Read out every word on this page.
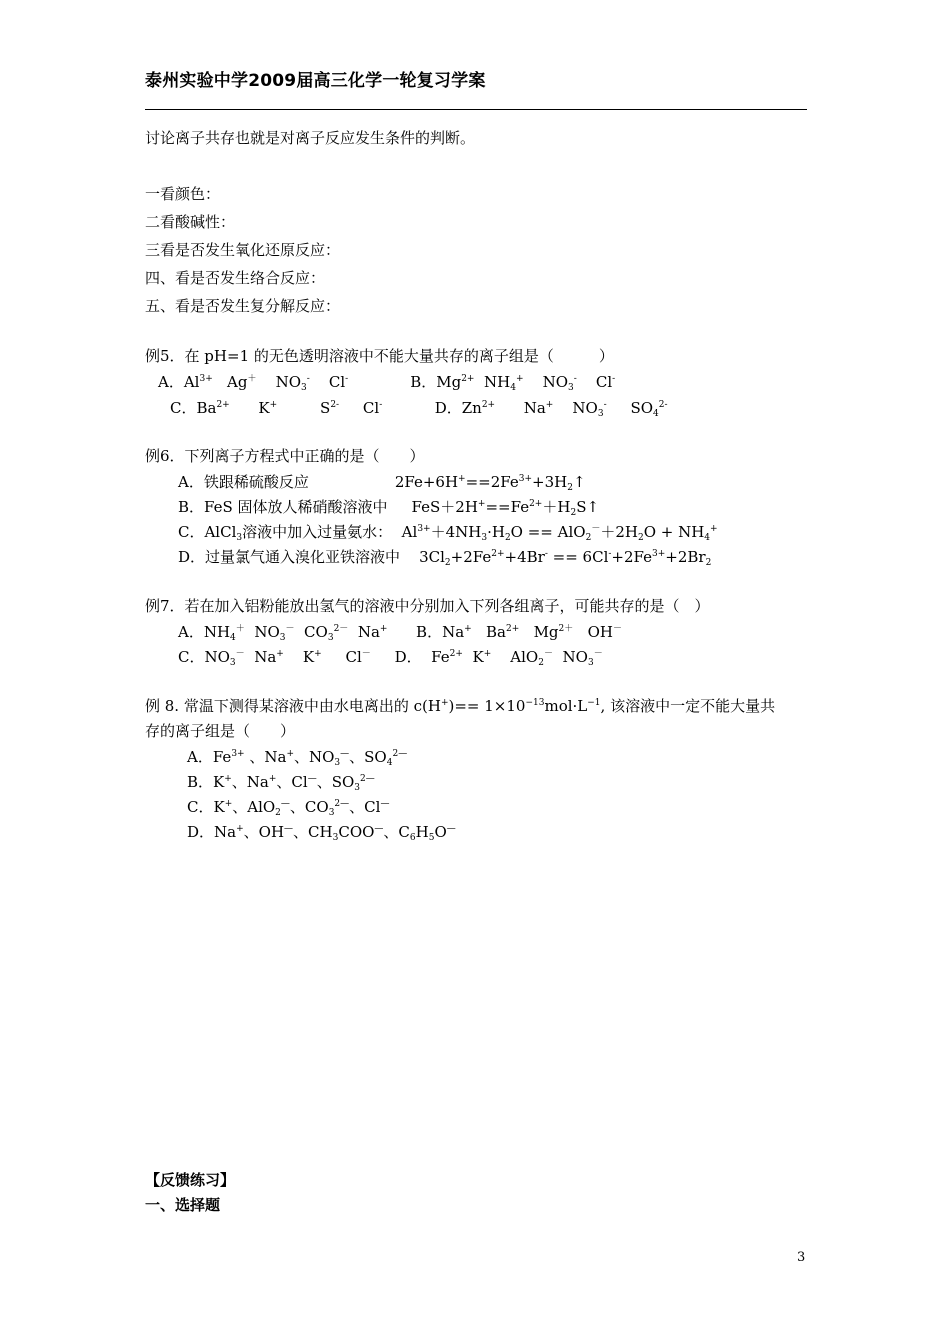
泰州实验中学2009届高三化学一轮复习学案
讨论离子共存也就是对离子反应发生条件的判断。
一看颜色：
二看酸碱性：
三看是否发生氧化还原反应：
四、看是否发生络合反应：
五、看是否发生复分解反应：
例5．在 pH=1 的无色透明溶液中不能大量共存的离子组是（　　　）
A．$Al^{3+}$   Ag＋    $NO_3^-$    Cl-             B．$Mg^{2+}$  $NH_4^+$    $NO_3^-$    Cl-
C．$Ba^{2+}$      K+         $S^{2-}$     Cl-           D．$Zn^{2+}$      Na+    $NO_3^-$     $SO_4^{2-}$
例6．下列离子方程式中正确的是（　　）
A．铁跟稀硫酸反应	$2Fe+6H^+==2Fe^{3+}+3H_2↑$
B．FeS 固体放人稀硝酸溶液中 $FeS+2H^+==Fe^{2+}+H_2S↑$
C．AlCl$_3$溶液中加入过量氨水：  $Al^{3+}+4NH_3\cdot H_2O == AlO_2^-+2H_2O + NH_4^+$
D．过量氯气通入溴化亚铁溶液中    $3Cl_2+2Fe^{2+}+4Br^- == 6Cl^-+2Fe^{3+}+2Br_2$
例7．若在加入铝粉能放出氢气的溶液中分别加入下列各组离子，可能共存的是（　）
A．$NH_4^+$  $NO_3^-$  $CO_3^{2-}$  Na+      B．Na+   $Ba^{2+}$   $Mg^{2+}$   OH－
C．$NO_3^-$  Na+    K+     Cl－     D．  $Fe^{2+}$  K+    AlO$_2$－  $NO_3^-$
例 8. 常温下测得某溶液中由水电离出的 $c(H^+)== 1\times 10^{-13}mol\cdot L^{-1}$, 该溶液中一定不能大量共
存的离子组是（　　）
A．$Fe^{3+}$ 、Na+、$NO_3^—$、$SO_4^{2—}$
B．K+、Na+、Cl—、$SO_3^{2—}$
C．K+、AlO$_2$—、$CO_3^{2—}$、Cl—
D．Na+、OH—、$CH_3COO^—$、$C_6H_5O^—$
【反馈练习】
一、选择题
3
